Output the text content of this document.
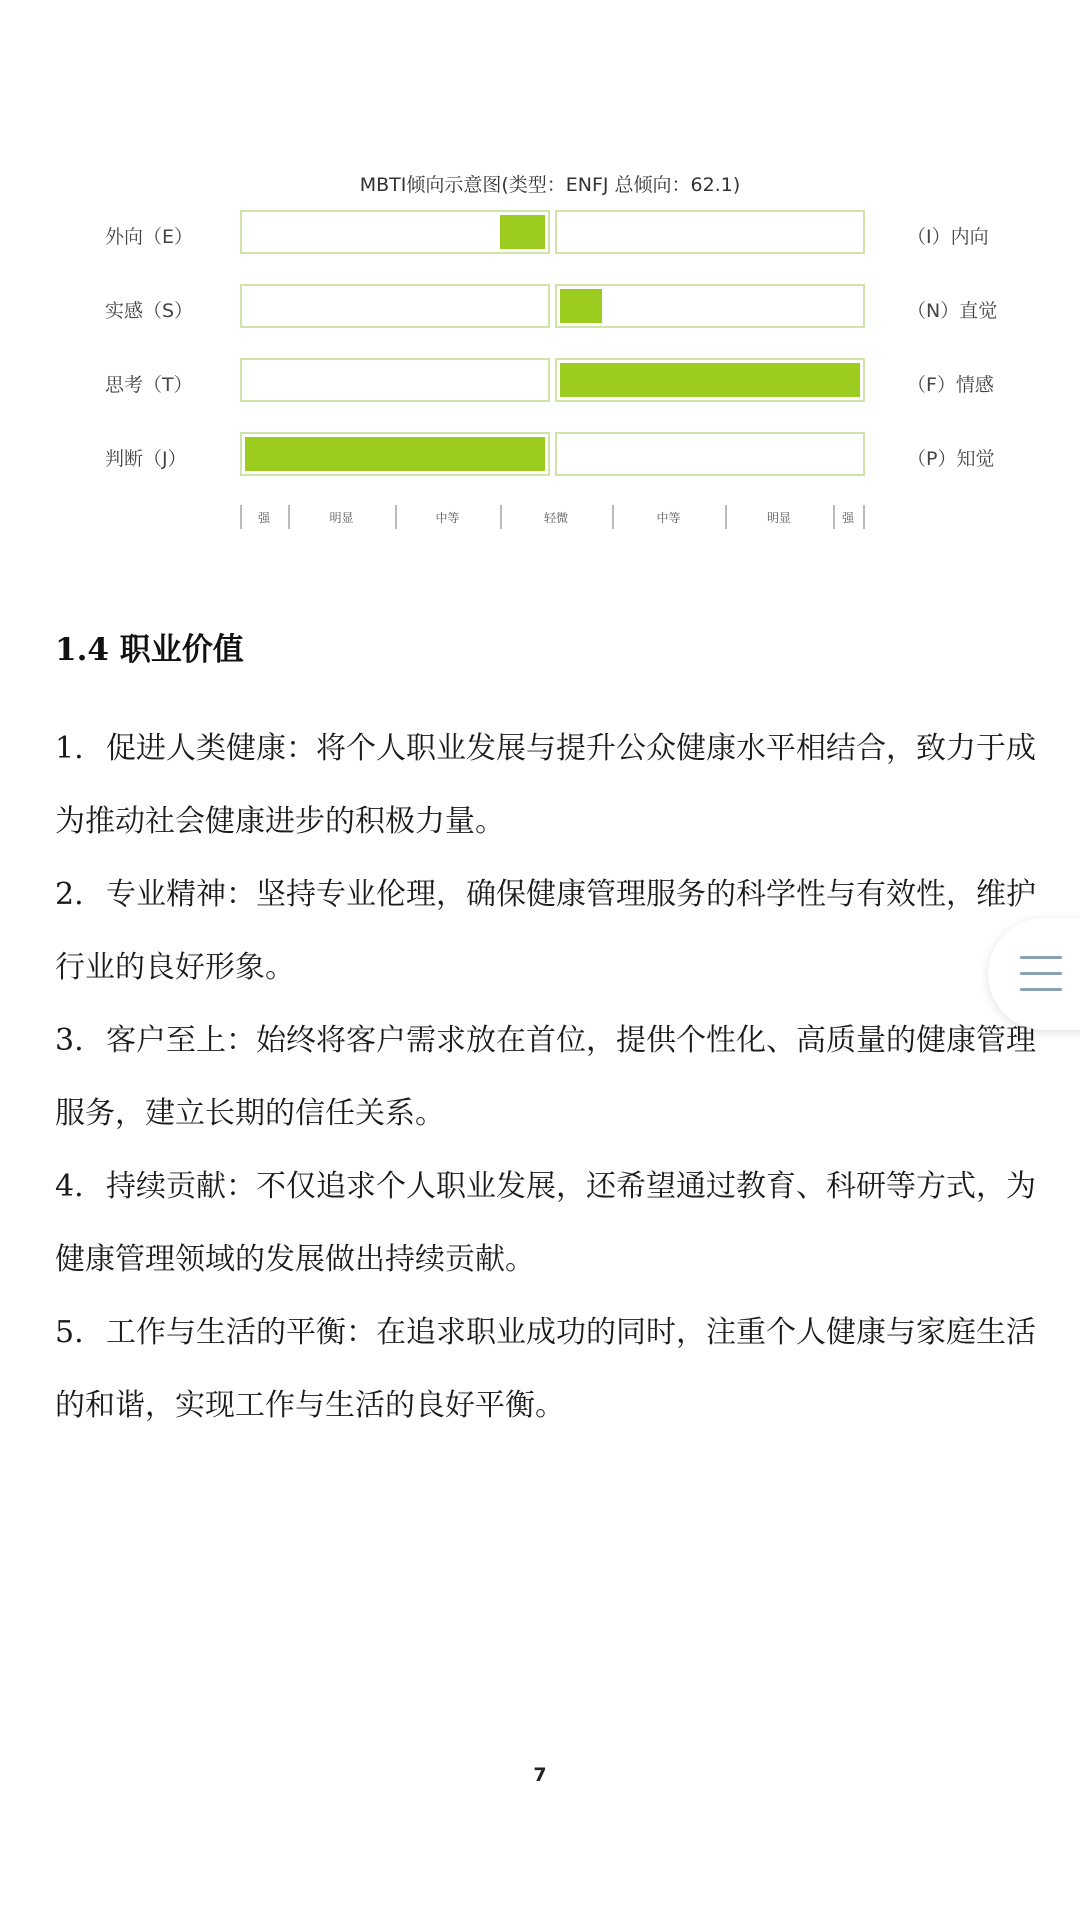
MBTI倾向示意图(类型：ENFJ 总倾向：62.1)
外向（E）	（I）内向
实感（S）	（N）直觉
思考（T）	（F）情感
判断（J）	（P）知觉
强	明显	中等	轻微	中等	明显	强
1.4 职业价值
1. 促进人类健康：将个人职业发展与提升公众健康水平相结合，致力于成为推动社会健康进步的积极力量。
2. 专业精神：坚持专业伦理，确保健康管理服务的科学性与有效性，维护行业的良好形象。
3. 客户至上：始终将客户需求放在首位，提供个性化、高质量的健康管理服务，建立长期的信任关系。
4. 持续贡献：不仅追求个人职业发展，还希望通过教育、科研等方式，为健康管理领域的发展做出持续贡献。
5. 工作与生活的平衡：在追求职业成功的同时，注重个人健康与家庭生活的和谐，实现工作与生活的良好平衡。
7
